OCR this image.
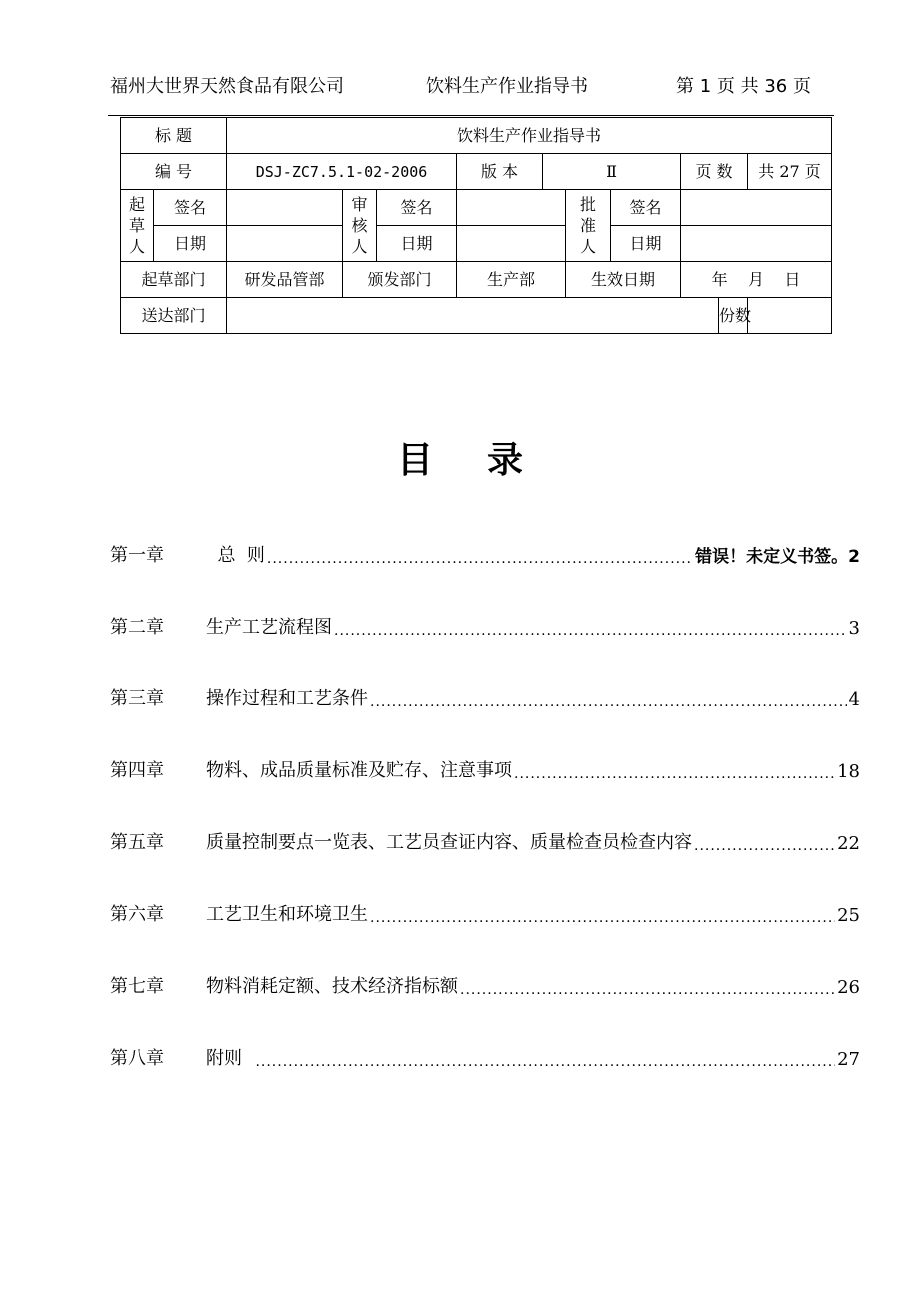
福州大世界天然食品有限公司	饮料生产作业指导书	第 1 页 共 36 页
标 题		饮料生产作业指导书									
编 号		DSJ-ZC7.5.1-02-2006			版 本	Ⅱ			页 数		共 27 页
起草人	签名		审核人	签名			批准人	签名			
	日期			日期				日期			
起草部门		研发品管部	颁发部门		生产部		生效日期		年    月    日		
送达部门										份数	
目录
第一章	总  则 .....	错误！未定义书签。2
第二章	生产工艺流程图 .....	3
第三章	操作过程和工艺条件 .....	4
第四章	物料、成品质量标准及贮存、注意事项 .....	18
第五章	质量控制要点一览表、工艺员查证内容、质量检查员检查内容 .....	22
第六章	工艺卫生和环境卫生 .....	25
第七章	物料消耗定额、技术经济指标额 .....	26
第八章	附则 .....	27
